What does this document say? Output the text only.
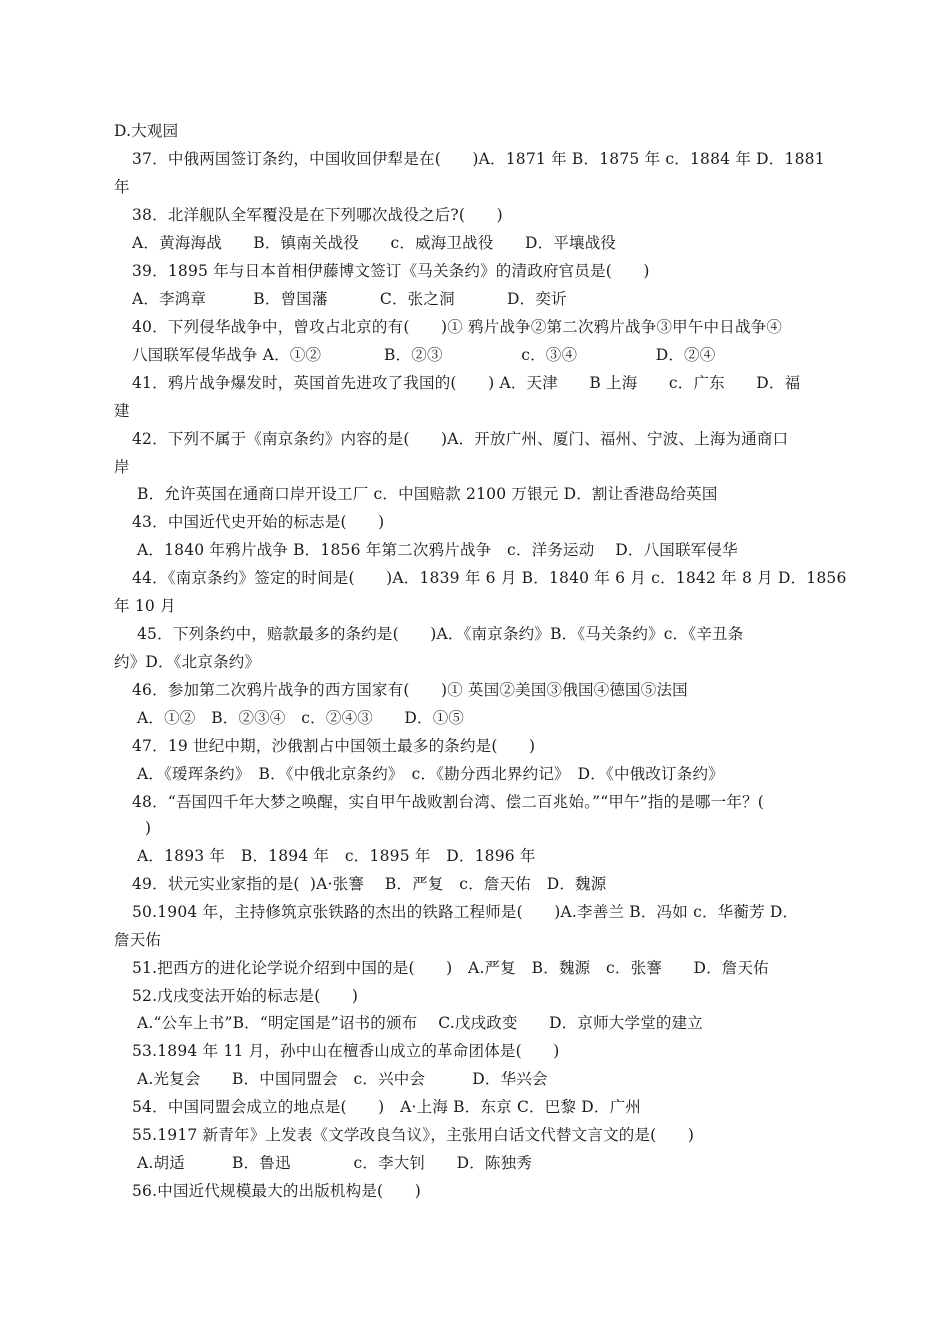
D.大观园
37．中俄两国签订条约，中国收回伊犁是在(　　)A．1871 年 B．1875 年 c．1884 年 D．1881
年
38．北洋舰队全军覆没是在下列哪次战役之后?(　　)
A．黄海海战　　B．镇南关战役　　c．威海卫战役　　D．平壤战役
39．1895 年与日本首相伊藤博文签订《马关条约》的清政府官员是(　　)
A．李鸿章　　　B．曾国藩　　　 C．张之洞　　　 D．奕䜣
40．下列侵华战争中，曾攻占北京的有(　　)① 鸦片战争②第二次鸦片战争③甲午中日战争④
八国联军侵华战争 A．①②　　　　B．②③　　　　　c．③④　　　　　D．②④
41．鸦片战争爆发时，英国首先进攻了我国的(　　) A．天津　　B 上海　　c．广东　　D．福
建
42．下列不属于《南京条约》内容的是(　　)A．开放广州、厦门、福州、宁波、上海为通商口
岸
B．允许英国在通商口岸开设工厂 c．中国赔款 2100 万银元 D．割让香港岛给英国
43．中国近代史开始的标志是(　　)
A．1840 年鸦片战争 B．1856 年第二次鸦片战争　c．洋务运动　 D．八国联军侵华
44．《南京条约》签定的时间是(　　)A．1839 年 6 月 B．1840 年 6 月 c．1842 年 8 月 D．1856
年 10 月
45．下列条约中，赔款最多的条约是(　　)A．《南京条约》B．《马关条约》c．《辛丑条
约》D．《北京条约》
46．参加第二次鸦片战争的西方国家有(　　)① 英国②美国③俄国④德国⑤法国
A．①②　B．②③④　c．②④③　　D．①⑤
47．19 世纪中期，沙俄割占中国领土最多的条约是(　　)
A．《瑷珲条约》　B．《中俄北京条约》　c．《勘分西北界约记》　D．《中俄改订条约》
48．“吾国四千年大梦之唤醒，实自甲午战败割台湾、偿二百兆始。”“甲午”指的是哪一年？(
)
A．1893 年　B．1894 年　c．1895 年　D．1896 年
49．状元实业家指的是(  )A·张謇　 B．严复　c．詹天佑　D．魏源
50.1904 年，主持修筑京张铁路的杰出的铁路工程师是(　　)A.李善兰 B．冯如 c．华蘅芳 D．
詹天佑
51.把西方的进化论学说介绍到中国的是(　　)　A.严复　B．魏源　c．张謇　　D．詹天佑
52.戊戌变法开始的标志是(　　)
A.“公车上书”B．“明定国是”诏书的颁布　 C.戊戌政变　　D．京师大学堂的建立
53.1894 年 11 月，孙中山在檀香山成立的革命团体是(　　)
A.光复会　　B．中国同盟会　c．兴中会　　　D．华兴会
54．中国同盟会成立的地点是(　　)　A·上海 B．东京 C．巴黎 D．广州
55.1917 新青年》上发表《文学改良刍议》，主张用白话文代替文言文的是(　　)
A.胡适　　　B．鲁迅　　　　c．李大钊　　D．陈独秀
56.中国近代规模最大的出版机构是(　　)
